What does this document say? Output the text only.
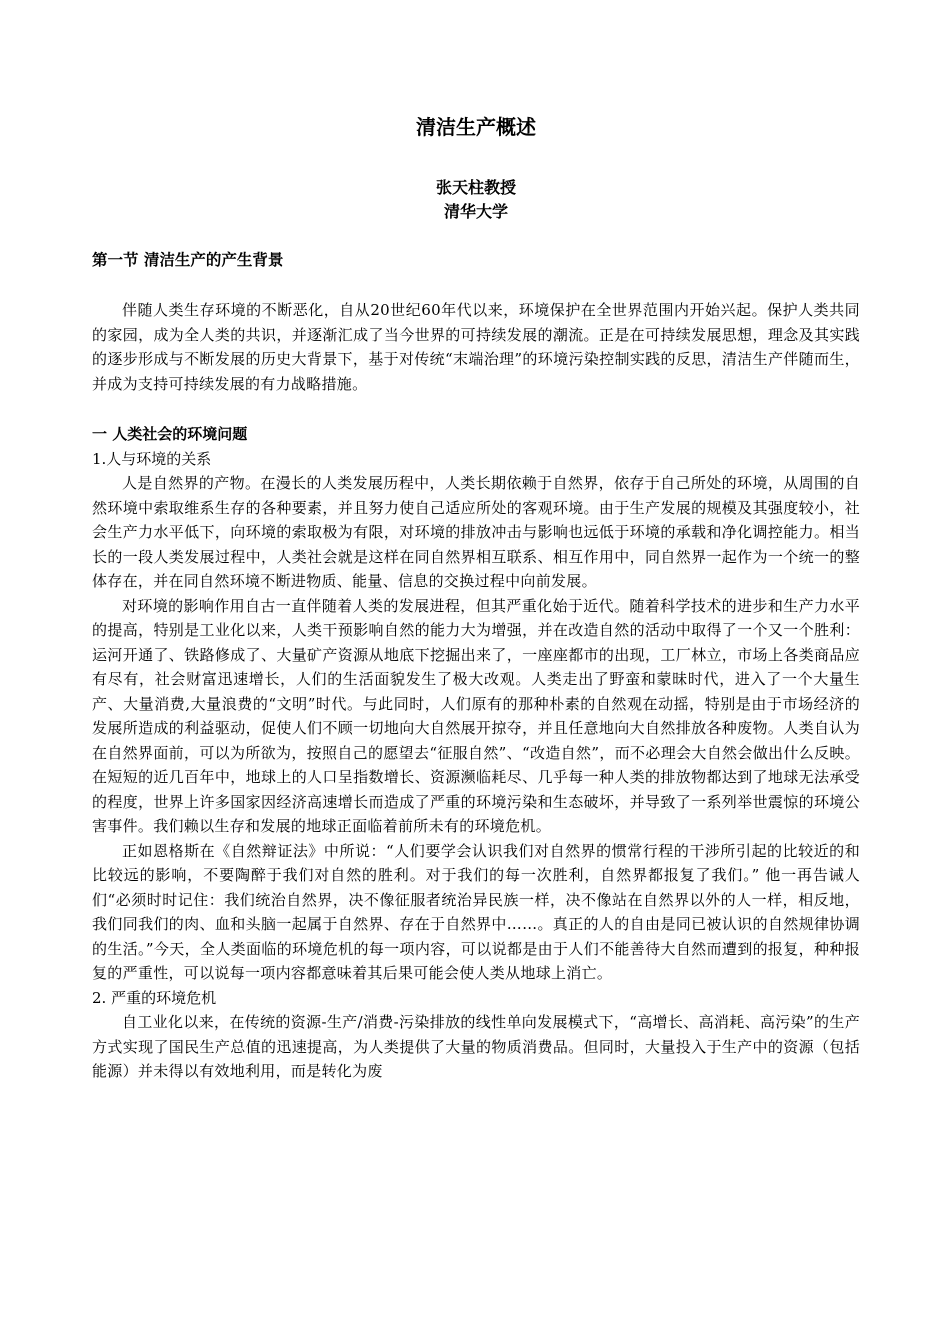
清洁生产概述

张天柱教授

清华大学

第一节 清洁生产的产生背景

伴随人类生存环境的不断恶化，自从20世纪60年代以来，环境保护在全世界范围内开始兴起。保护人类共同的家园，成为全人类的共识，并逐渐汇成了当今世界的可持续发展的潮流。正是在可持续发展思想，理念及其实践的逐步形成与不断发展的历史大背景下，基于对传统“末端治理”的环境污染控制实践的反思，清洁生产伴随而生，并成为支持可持续发展的有力战略措施。

一 人类社会的环境问题

1.人与环境的关系

人是自然界的产物。在漫长的人类发展历程中，人类长期依赖于自然界，依存于自己所处的环境，从周围的自然环境中索取维系生存的各种要素，并且努力使自己适应所处的客观环境。由于生产发展的规模及其强度较小，社会生产力水平低下，向环境的索取极为有限，对环境的排放冲击与影响也远低于环境的承载和净化调控能力。相当长的一段人类发展过程中，人类社会就是这样在同自然界相互联系、相互作用中，同自然界一起作为一个统一的整体存在，并在同自然环境不断进物质、能量、信息的交换过程中向前发展。

对环境的影响作用自古一直伴随着人类的发展进程，但其严重化始于近代。随着科学技术的进步和生产力水平的提高，特别是工业化以来，人类干预影响自然的能力大为增强，并在改造自然的活动中取得了一个又一个胜利：运河开通了、铁路修成了、大量矿产资源从地底下挖掘出来了，一座座都市的出现，工厂林立，市场上各类商品应有尽有，社会财富迅速增长，人们的生活面貌发生了极大改观。人类走出了野蛮和蒙昧时代，进入了一个大量生产、大量消费,大量浪费的“文明”时代。与此同时，人们原有的那种朴素的自然观在动摇，特别是由于市场经济的发展所造成的利益驱动，促使人们不顾一切地向大自然展开掠夺，并且任意地向大自然排放各种废物。人类自认为在自然界面前，可以为所欲为，按照自己的愿望去“征服自然”、“改造自然”，而不必理会大自然会做出什么反映。在短短的近几百年中，地球上的人口呈指数增长、资源濒临耗尽、几乎每一种人类的排放物都达到了地球无法承受的程度，世界上许多国家因经济高速增长而造成了严重的环境污染和生态破坏，并导致了一系列举世震惊的环境公害事件。我们赖以生存和发展的地球正面临着前所未有的环境危机。

正如恩格斯在《自然辩证法》中所说：“人们要学会认识我们对自然界的惯常行程的干涉所引起的比较近的和比较远的影响，不要陶醉于我们对自然的胜利。对于我们的每一次胜利，自然界都报复了我们。” 他一再告诫人们“必须时时记住：我们统治自然界，决不像征服者统治异民族一样，决不像站在自然界以外的人一样，相反地，我们同我们的肉、血和头脑一起属于自然界、存在于自然界中……。真正的人的自由是同已被认识的自然规律协调的生活。”今天，全人类面临的环境危机的每一项内容，可以说都是由于人们不能善待大自然而遭到的报复，种种报复的严重性，可以说每一项内容都意味着其后果可能会使人类从地球上消亡。

2. 严重的环境危机

自工业化以来，在传统的资源-生产/消费-污染排放的线性单向发展模式下，“高增长、高消耗、高污染”的生产方式实现了国民生产总值的迅速提高，为人类提供了大量的物质消费品。但同时，大量投入于生产中的资源（包括能源）并未得以有效地利用，而是转化为废
